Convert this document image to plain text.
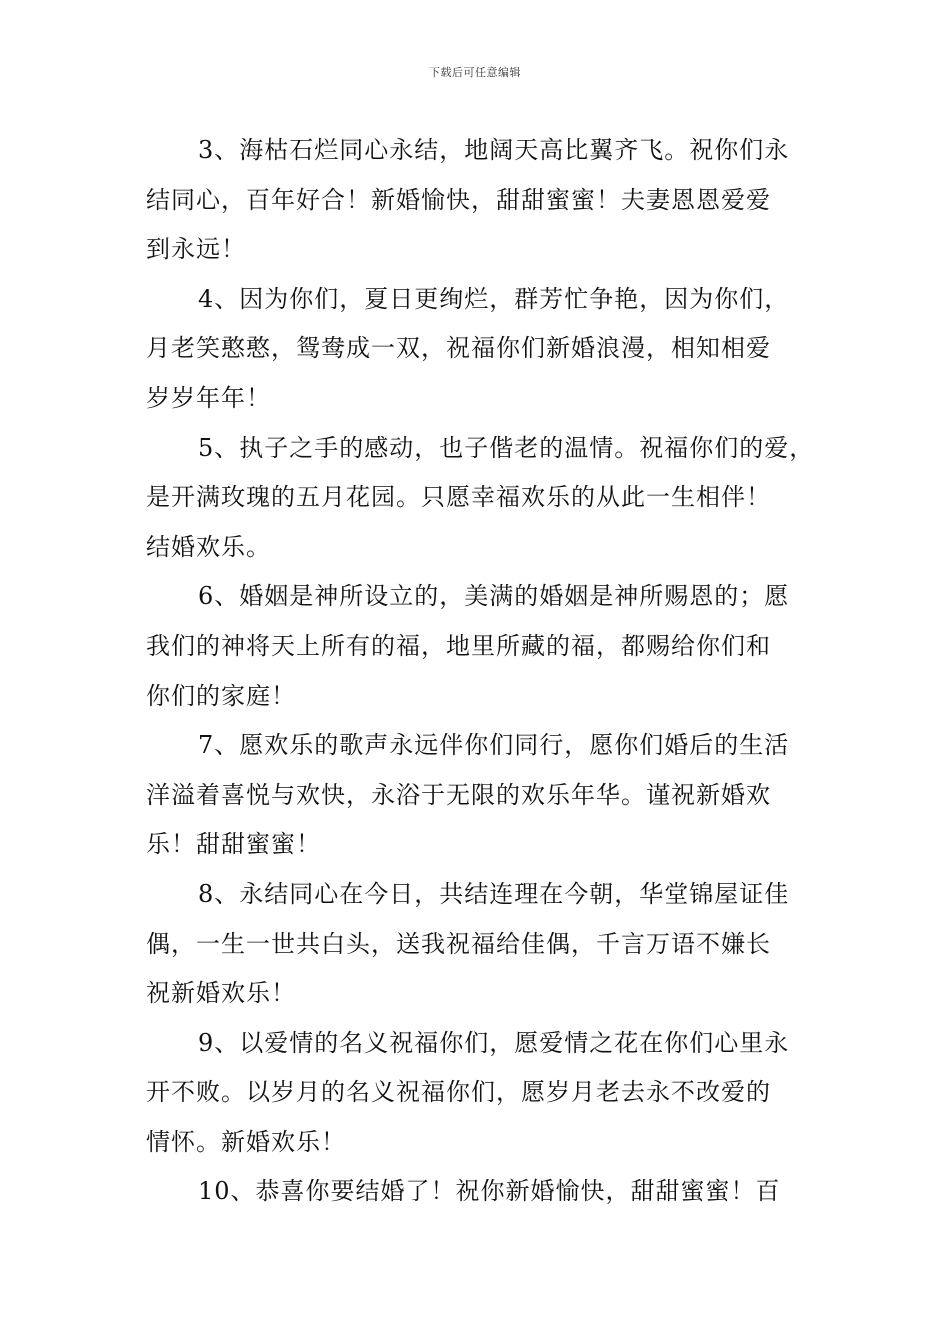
下载后可任意编辑

3、海枯石烂同心永结，地阔天高比翼齐飞。祝你们永
结同心，百年好合！新婚愉快，甜甜蜜蜜！夫妻恩恩爱爱
到永远！

4、因为你们，夏日更绚烂，群芳忙争艳，因为你们，
月老笑憨憨，鸳鸯成一双，祝福你们新婚浪漫，相知相爱
岁岁年年！

5、执子之手的感动，也子偕老的温情。祝福你们的爱，
是开满玫瑰的五月花园。只愿幸福欢乐的从此一生相伴！
结婚欢乐。

6、婚姻是神所设立的，美满的婚姻是神所赐恩的；愿
我们的神将天上所有的福，地里所藏的福，都赐给你们和
你们的家庭！

7、愿欢乐的歌声永远伴你们同行，愿你们婚后的生活
洋溢着喜悦与欢快，永浴于无限的欢乐年华。谨祝新婚欢
乐！甜甜蜜蜜！

8、永结同心在今日，共结连理在今朝，华堂锦屋证佳
偶，一生一世共白头，送我祝福给佳偶，千言万语不嫌长
祝新婚欢乐！

9、以爱情的名义祝福你们，愿爱情之花在你们心里永
开不败。以岁月的名义祝福你们，愿岁月老去永不改爱的
情怀。新婚欢乐！

10、恭喜你要结婚了！祝你新婚愉快，甜甜蜜蜜！百
